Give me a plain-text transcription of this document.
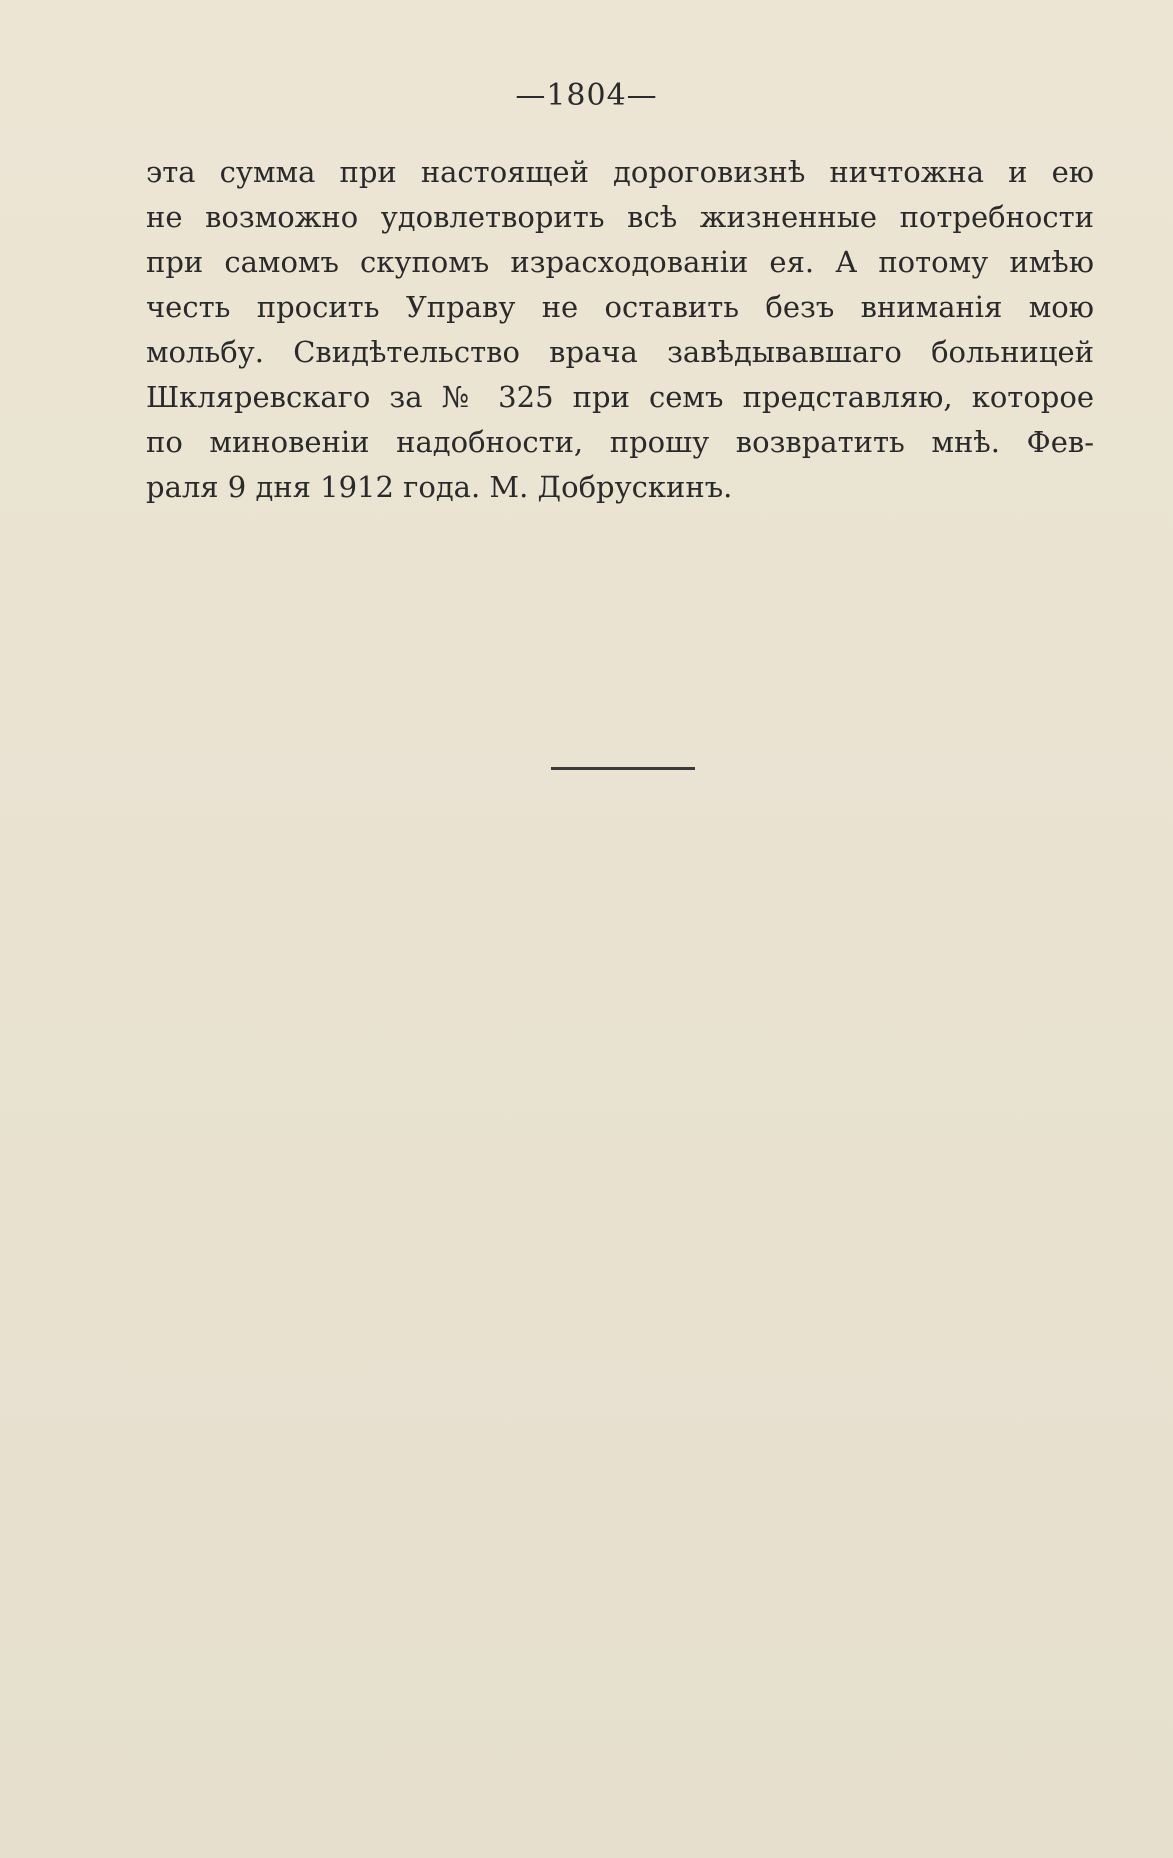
—1804—
эта сумма при настоящей дороговизнѣ ничтожна и ею
не возможно удовлетворить всѣ жизненные потребности
при самомъ скупомъ израсходованіи ея. А потому имѣю
честь просить Управу не оставить безъ вниманія мою
мольбу. Свидѣтельство врача завѣдывавшаго больницей
Шкляревскаго за № 325 при семъ представляю, которое
по миновеніи надобности, прошу возвратить мнѣ. Фев-
раля 9 дня 1912 года. М. Добрускинъ.
